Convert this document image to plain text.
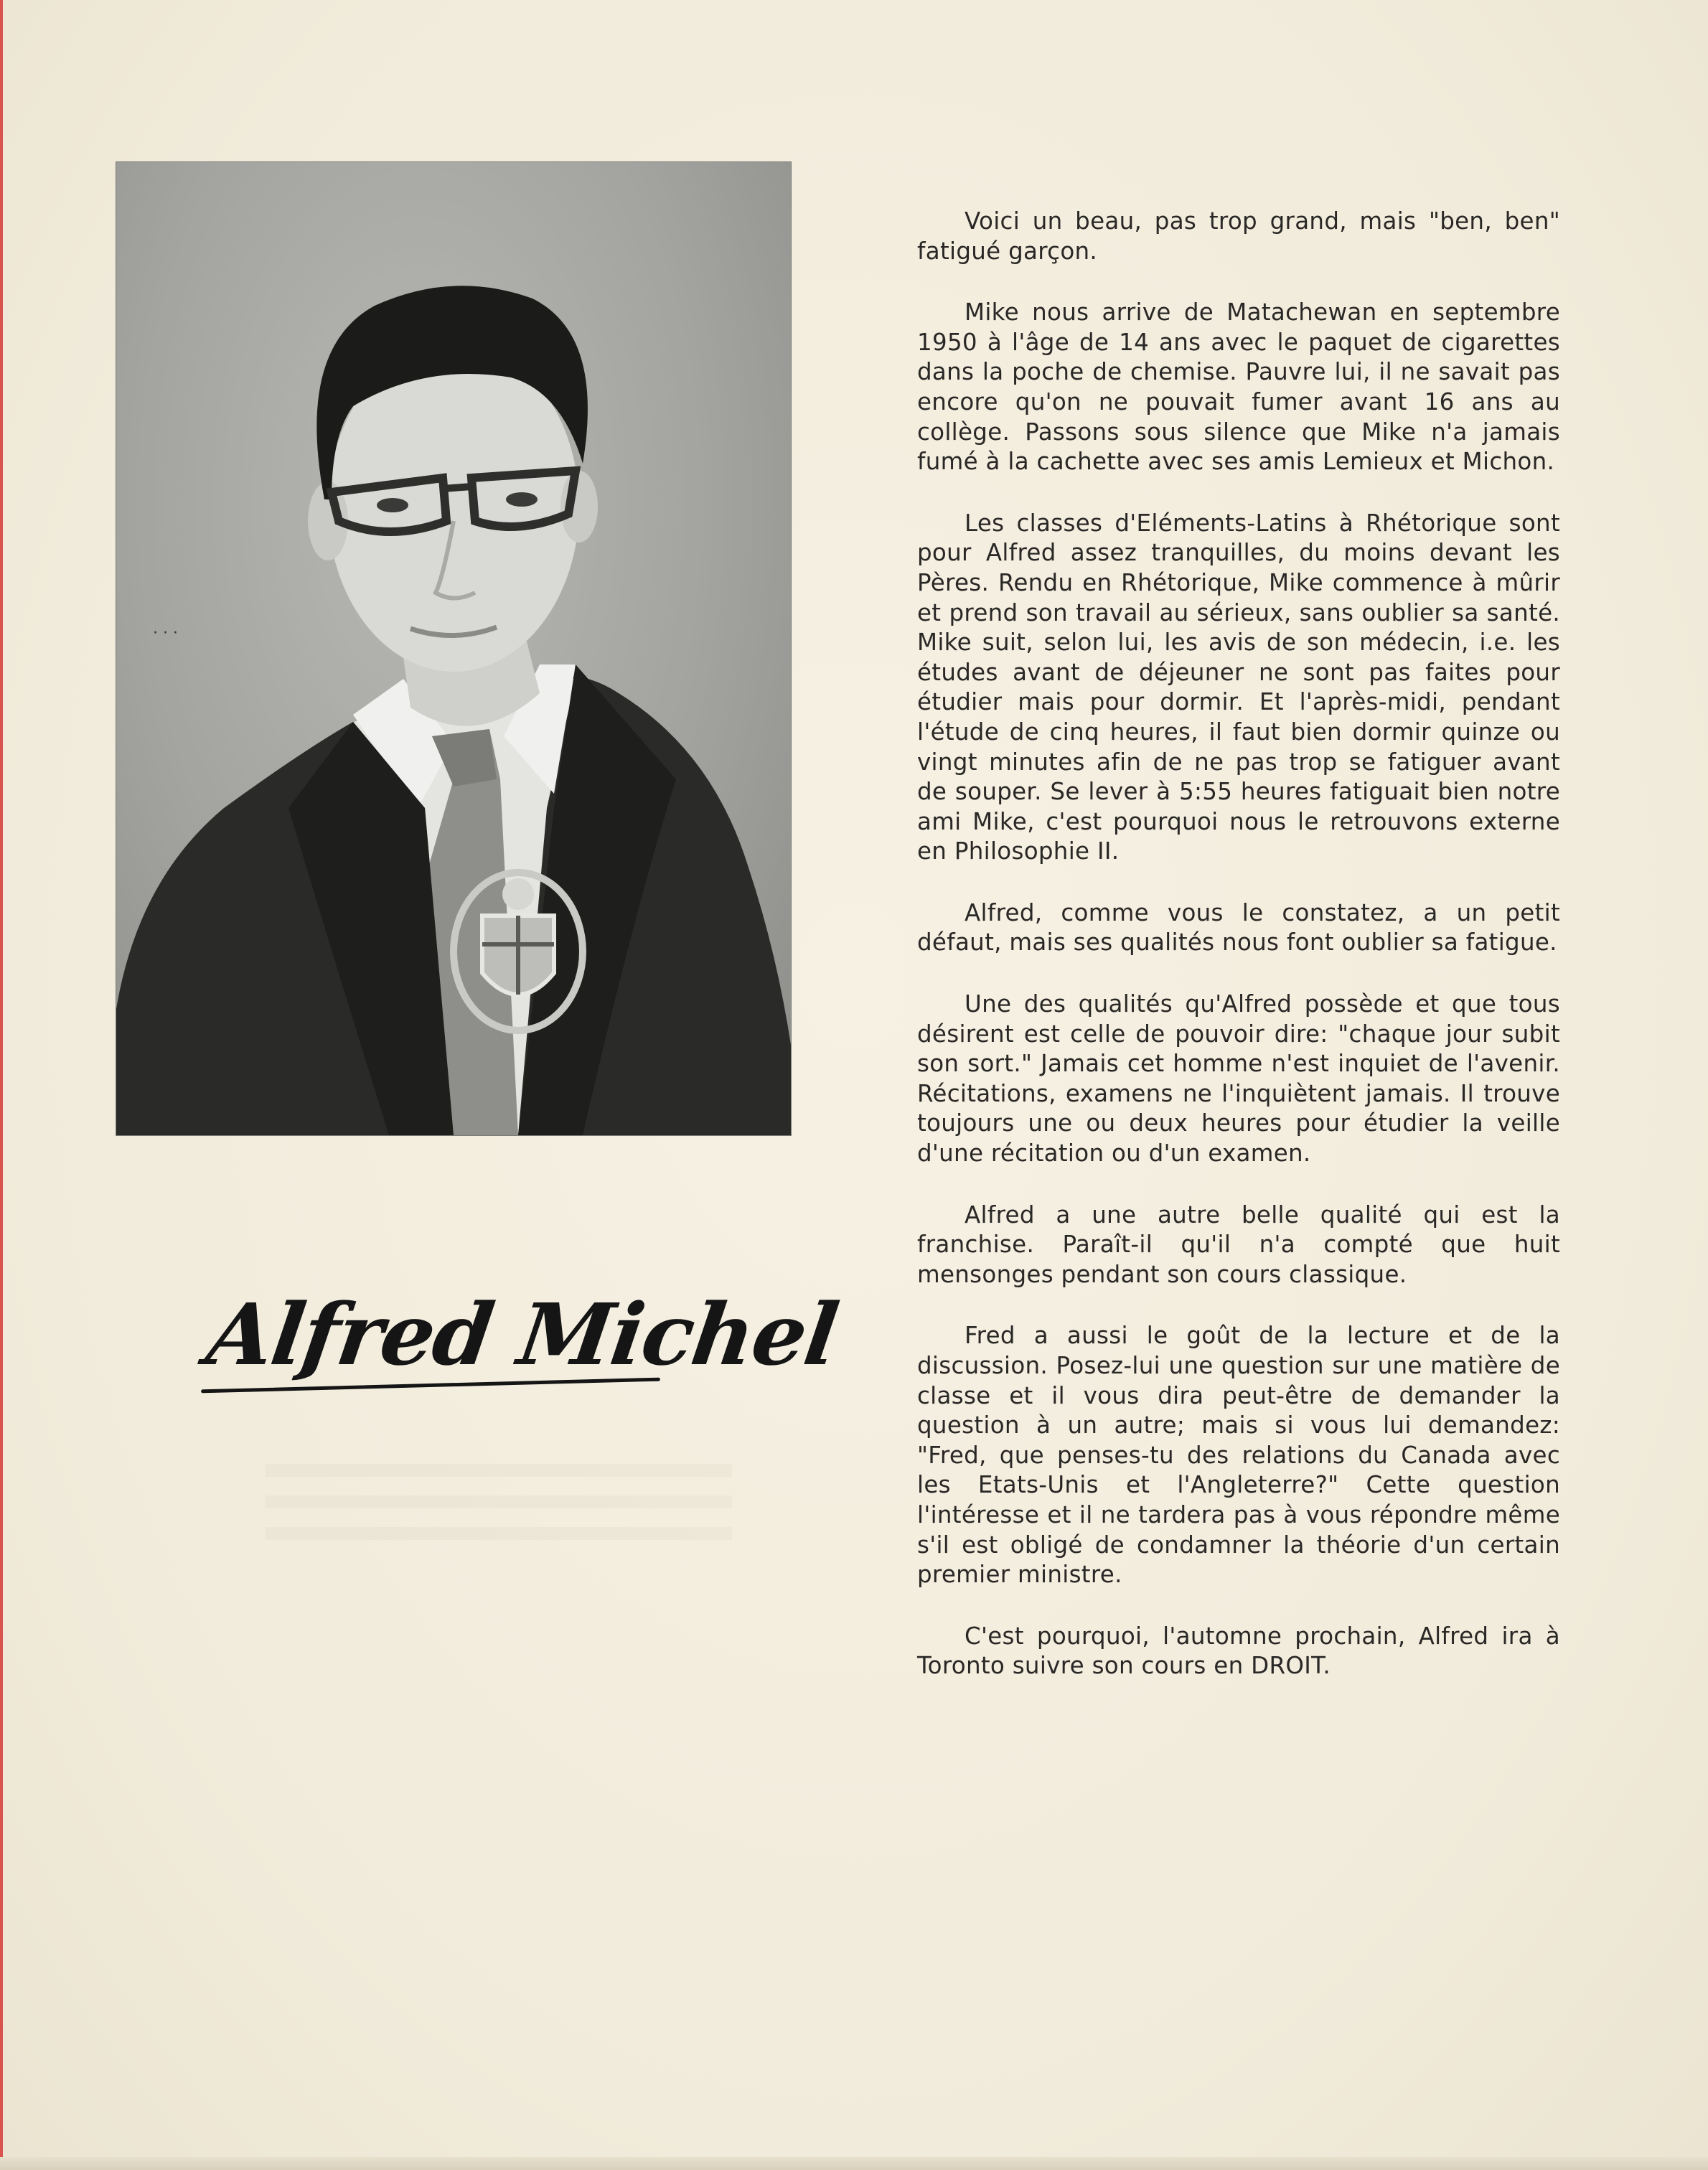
· · ·
Alfred Michel

Voici un beau, pas trop grand, mais "ben, ben" fatigué garçon.

Mike nous arrive de Matachewan en septembre 1950 à l'âge de 14 ans avec le paquet de cigarettes dans la poche de chemise. Pauvre lui, il ne savait pas encore qu'on ne pouvait fumer avant 16 ans au collège. Passons sous silence que Mike n'a jamais fumé à la cachette avec ses amis Lemieux et Michon.

Les classes d'Eléments-Latins à Rhétorique sont pour Alfred assez tranquilles, du moins devant les Pères. Rendu en Rhétorique, Mike commence à mûrir et prend son travail au sérieux, sans oublier sa santé. Mike suit, selon lui, les avis de son médecin, i.e. les études avant de déjeuner ne sont pas faites pour étudier mais pour dormir. Et l'après-midi, pendant l'étude de cinq heures, il faut bien dormir quinze ou vingt minutes afin de ne pas trop se fatiguer avant de souper. Se lever à 5:55 heures fatiguait bien notre ami Mike, c'est pourquoi nous le retrouvons externe en Philosophie II.

Alfred, comme vous le constatez, a un petit défaut, mais ses qualités nous font oublier sa fatigue.

Une des qualités qu'Alfred possède et que tous désirent est celle de pouvoir dire: "chaque jour subit son sort." Jamais cet homme n'est inquiet de l'avenir. Récitations, examens ne l'inquiètent jamais. Il trouve toujours une ou deux heures pour étudier la veille d'une récitation ou d'un examen.

Alfred a une autre belle qualité qui est la franchise. Paraît-il qu'il n'a compté que huit mensonges pendant son cours classique.

Fred a aussi le goût de la lecture et de la discussion. Posez-lui une question sur une matière de classe et il vous dira peut-être de demander la question à un autre; mais si vous lui demandez: "Fred, que penses-tu des relations du Canada avec les Etats-Unis et l'Angleterre?" Cette question l'intéresse et il ne tardera pas à vous répondre même s'il est obligé de condamner la théorie d'un certain premier ministre.

C'est pourquoi, l'automne prochain, Alfred ira à Toronto suivre son cours en DROIT.
